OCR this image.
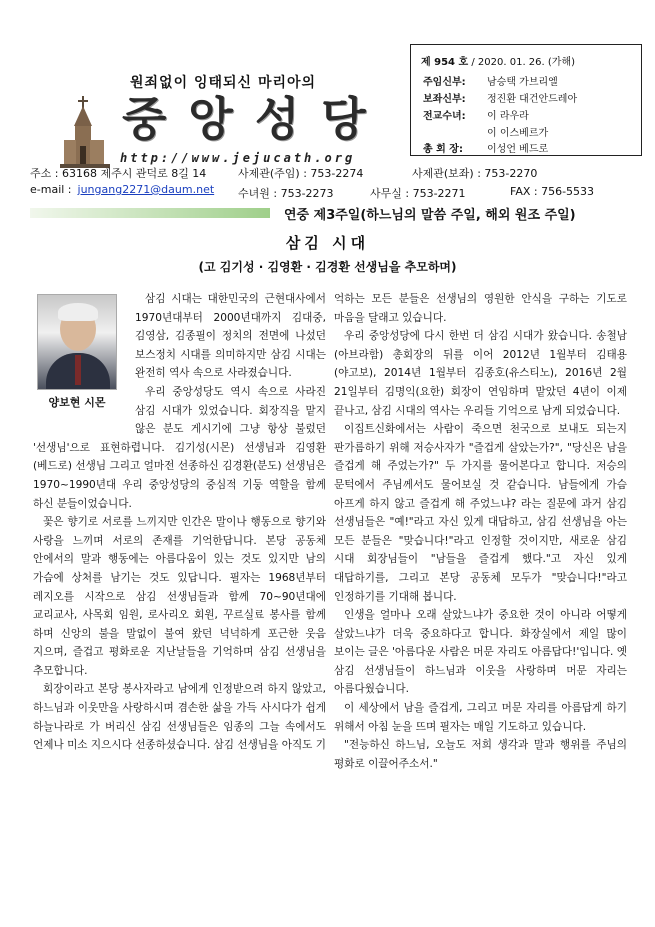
원죄없이 잉태되신 마리아의
중앙성당
http://www.jejucath.org
제 954 호 / 2020. 01. 26. (가해)
주임신부: 남승택 가브리엘
보좌신부: 정진환 대건안드레아
전교수녀: 이 라우라
이 이스베르가
총 회 장: 이성언 베드로
주소 : 63168 제주시 관덕로 8길 14	사제관(주임) : 753-2274	사제관(보좌) : 753-2270
e-mail : jungang2271@daum.net	수녀원 : 753-2273	사무실 : 753-2271	FAX : 756-5533
연중 제3주일(하느님의 말씀 주일, 해외 원조 주일)
삼김 시대
(고 김기성 · 김영환 · 김경환 선생님을 추모하며)
양보현 시몬

삼김 시대는 대한민국의 근현대사에서 1970년대부터 2000년대까지 김대중, 김영삼, 김종필이 정치의 전면에 나섰던 보스정치 시대를 의미하지만 삼김 시대는 완전히 역사 속으로 사라졌습니다.

우리 중앙성당도 역시 속으로 사라진 삼김 시대가 있었습니다. 회장직을 맡지 않은 분도 게시기에 그냥 항상 불렀던 '선생님'으로 표현하렵니다. 김기성(시몬) 선생님과 김영환(베드로) 선생님 그리고 얼마전 선종하신 김경환(분도) 선생님은 1970~1990년대 우리 중앙성당의 중심적 기둥 역할을 함께 하신 분들이었습니다.

꽃은 향기로 서로를 느끼지만 인간은 말이나 행동으로 향기와 사랑을 느끼며 서로의 존재를 기억한답니다. 본당 공동체 안에서의 말과 행동에는 아름다움이 있는 것도 있지만 남의 가슴에 상처를 남기는 것도 있답니다. 필자는 1968년부터 레지오를 시작으로 삼김 선생님들과 함께 70~90년대에 교리교사, 사목회 임원, 로사리오 회원, 꾸르실료 봉사를 함께 하며 신앙의 불을 말없이 불여 왔던 넉넉하게 포근한 웃음 지으며, 즐겁고 평화로운 지난날들을 기억하며 삼김 선생님을 추모합니다.

회장이라고 본당 봉사자라고 남에게 인정받으려 하지 않았고, 하느님과 이웃만을 사랑하시며 겸손한 삶을 가득 사시다가 쉽게 하늘나라로 가 버리신 삼김 선생님들은 임종의 그늘 속에서도 언제나 미소 지으시다 선종하셨습니다. 삼김 선생님을 아직도 기

억하는 모든 분들은 선생님의 영원한 안식을 구하는 기도로 마음을 달래고 있습니다.

우리 중앙성당에 다시 한번 더 삼김 시대가 왔습니다. 송철남(아브라함) 총회장의 뒤를 이어 2012년 1월부터 김태용(야고보), 2014년 1월부터 김종호(유스티노), 2016년 2월 21일부터 김명익(요한) 회장이 연임하며 맡았던 4년이 이제 끝나고, 삼김 시대의 역사는 우리들 기억으로 남게 되었습니다.

이집트신화에서는 사람이 죽으면 천국으로 보내도 되는지 판가름하기 위해 저승사자가 "즐겁게 살았는가?", "당신은 남을 즐겁게 해 주었는가?" 두 가지를 물어본다고 합니다. 저승의 문턱에서 주님께서도 물어보실 것 같습니다. 남들에게 가슴 아프게 하지 않고 즐겁게 해 주었느냐? 라는 질문에 과거 삼김 선생님들은 "예!"라고 자신 있게 대답하고, 삼김 선생님을 아는 모든 분들은 "맞습니다!"라고 인정할 것이지만, 새로운 삼김 시대 회장님들이 "남들을 즐겁게 했다."고 자신 있게 대답하기를, 그리고 본당 공동체 모두가 "맞습니다!"라고 인정하기를 기대해 봅니다.

인생을 얼마나 오래 살았느냐가 중요한 것이 아니라 어떻게 살았느냐가 더욱 중요하다고 합니다. 화장실에서 제일 많이 보이는 글은 '아름다운 사람은 머문 자리도 아름답다!'입니다. 옛 삼김 선생님들이 하느님과 이웃을 사랑하며 머문 자리는 아름다웠습니다.

이 세상에서 남을 즐겁게, 그리고 머문 자리를 아름답게 하기 위해서 아침 눈을 뜨며 필자는 매일 기도하고 있습니다.

"전능하신 하느님, 오늘도 저희 생각과 말과 행위를 주님의 평화로 이끌어주소서."
